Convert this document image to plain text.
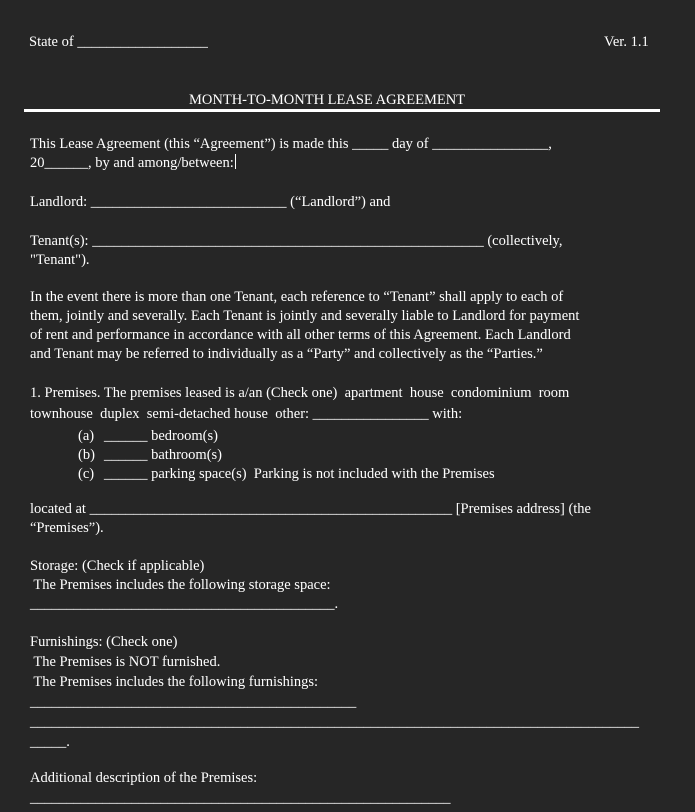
State of __________________	Ver. 1.1
MONTH-TO-MONTH LEASE AGREEMENT
This Lease Agreement (this “Agreement”) is made this _____ day of ________________,
20______, by and among/between:
Landlord: ___________________________ (“Landlord”) and
Tenant(s): ______________________________________________________ (collectively,
"Tenant").
In the event there is more than one Tenant, each reference to “Tenant” shall apply to each of
them, jointly and severally. Each Tenant is jointly and severally liable to Landlord for payment
of rent and performance in accordance with all other terms of this Agreement. Each Landlord
and Tenant may be referred to individually as a “Party” and collectively as the “Parties.”
1. Premises. The premises leased is a/an (Check one)  apartment  house  condominium  room
townhouse  duplex  semi-detached house  other: ________________ with:
(a) ______ bedroom(s)
(b) ______ bathroom(s)
(c) ______ parking space(s)  Parking is not included with the Premises
located at __________________________________________________ [Premises address] (the
“Premises”).
Storage: (Check if applicable)
The Premises includes the following storage space:
__________________________________________.
Furnishings: (Check one)
The Premises is NOT furnished.
The Premises includes the following furnishings:
_____________________________________________
____________________________________________________________________________________
_____.
Additional description of the Premises:
__________________________________________________________
